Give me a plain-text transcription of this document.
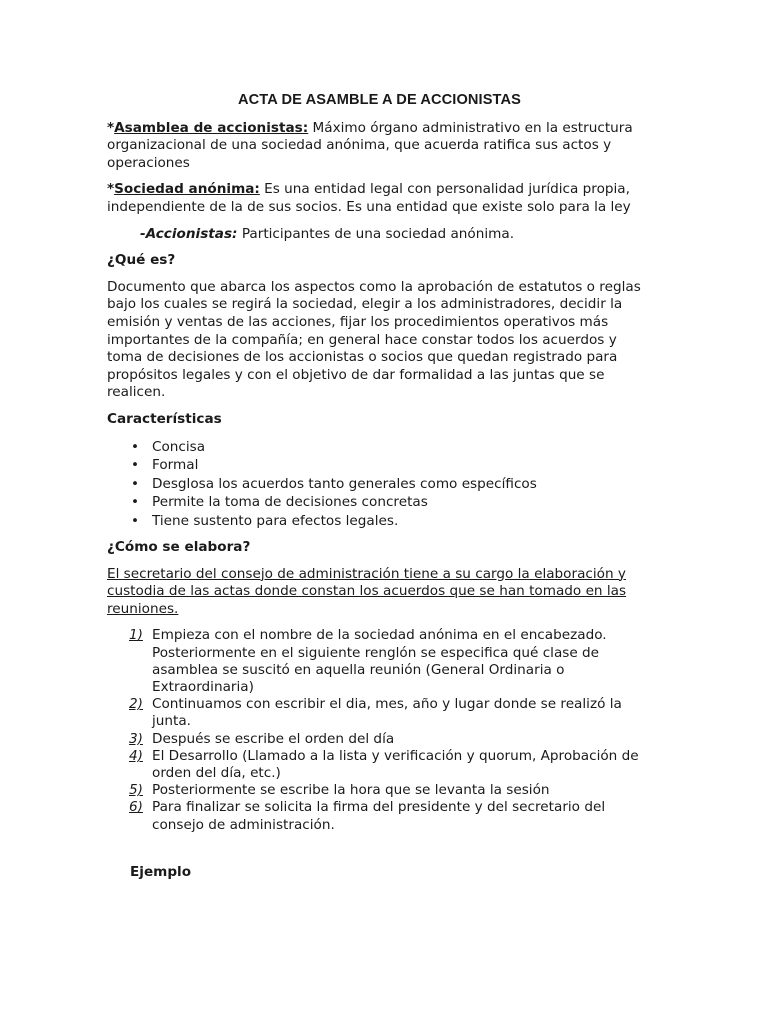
ACTA DE ASAMBLE A DE ACCIONISTAS

*Asamblea de accionistas: Máximo órgano administrativo en la estructura organizacional de una sociedad anónima, que acuerda ratifica sus actos y operaciones

*Sociedad anónima: Es una entidad legal con personalidad jurídica propia, independiente de la de sus socios. Es una entidad que existe solo para la ley

-Accionistas: Participantes de una sociedad anónima.

¿Qué es?

Documento que abarca los aspectos como la aprobación de estatutos o reglas bajo los cuales se regirá la sociedad, elegir a los administradores, decidir la emisión y ventas de las acciones, fijar los procedimientos operativos más importantes de la compañía; en general hace constar todos los acuerdos y toma de decisiones de los accionistas o socios que quedan registrado para propósitos legales y con el objetivo de dar formalidad a las juntas que se realicen.

Características
• Concisa
• Formal
• Desglosa los acuerdos tanto generales como específicos
• Permite la toma de decisiones concretas
• Tiene sustento para efectos legales.
¿Cómo se elabora?

El secretario del consejo de administración tiene a su cargo la elaboración y custodia de las actas donde constan los acuerdos que se han tomado en las reuniones.

1) Empieza con el nombre de la sociedad anónima en el encabezado. Posteriormente en el siguiente renglón se especifica qué clase de asamblea se suscitó en aquella reunión (General Ordinaria o Extraordinaria)
2) Continuamos con escribir el dia, mes, año y lugar donde se realizó la junta.
3) Después se escribe el orden del día
4) El Desarrollo (Llamado a la lista y verificación y quorum, Aprobación de orden del día, etc.)
5) Posteriormente se escribe la hora que se levanta la sesión
6) Para finalizar se solicita la firma del presidente y del secretario del consejo de administración.
Ejemplo
